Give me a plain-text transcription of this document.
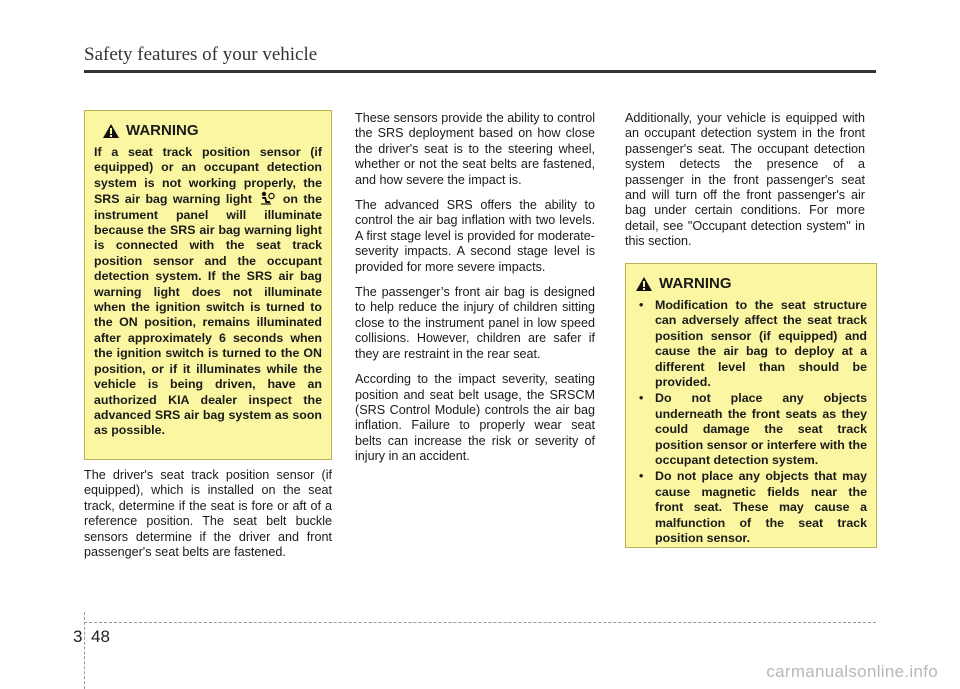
Safety features of your vehicle
WARNING
If a seat track position sensor (if equipped) or an occupant detection system is not working properly, the SRS air bag warning light on the instrument panel will illuminate because the SRS air bag warning light is connected with the seat track position sensor and the occupant detection system. If the SRS air bag warning light does not illuminate when the ignition switch is turned to the ON position, remains illuminated after approximately 6 seconds when the ignition switch is turned to the ON position, or if it illuminates while the vehicle is being driven, have an authorized KIA dealer inspect the advanced SRS air bag system as soon as possible.
The driver's seat track position sensor (if equipped), which is installed on the seat track, determine if the seat is fore or aft of a reference position. The seat belt buckle sensors determine if the driver and front passenger's seat belts are fastened.

These sensors provide the ability to control the SRS deployment based on how close the driver's seat is to the steering wheel, whether or not the seat belts are fastened, and how severe the impact is.

The advanced SRS offers the ability to control the air bag inflation with two levels. A first stage level is provided for moderate-severity impacts. A second stage level is provided for more severe impacts.

The passenger’s front air bag is designed to help reduce the injury of children sitting close to the instrument panel in low speed collisions. However, children are safer if they are restraint in the rear seat.

According to the impact severity, seating position and seat belt usage, the SRSCM (SRS Control Module) controls the air bag inflation. Failure to properly wear seat belts can increase the risk or severity of injury in an accident.

Additionally, your vehicle is equipped with an occupant detection system in the front passenger's seat. The occupant detection system detects the presence of a passenger in the front passenger's seat and will turn off the front passenger's air bag under certain conditions. For more detail, see "Occupant detection system" in this section.

WARNING
• Modification to the seat structure can adversely affect the seat track position sensor (if equipped) and cause the air bag to deploy at a different level than should be provided.
• Do not place any objects underneath the front seats as they could damage the seat track position sensor or interfere with the occupant detection system.
• Do not place any objects that may cause magnetic fields near the front seat. These may cause a malfunction of the seat track position sensor.
3 48
carmanualsonline.info
